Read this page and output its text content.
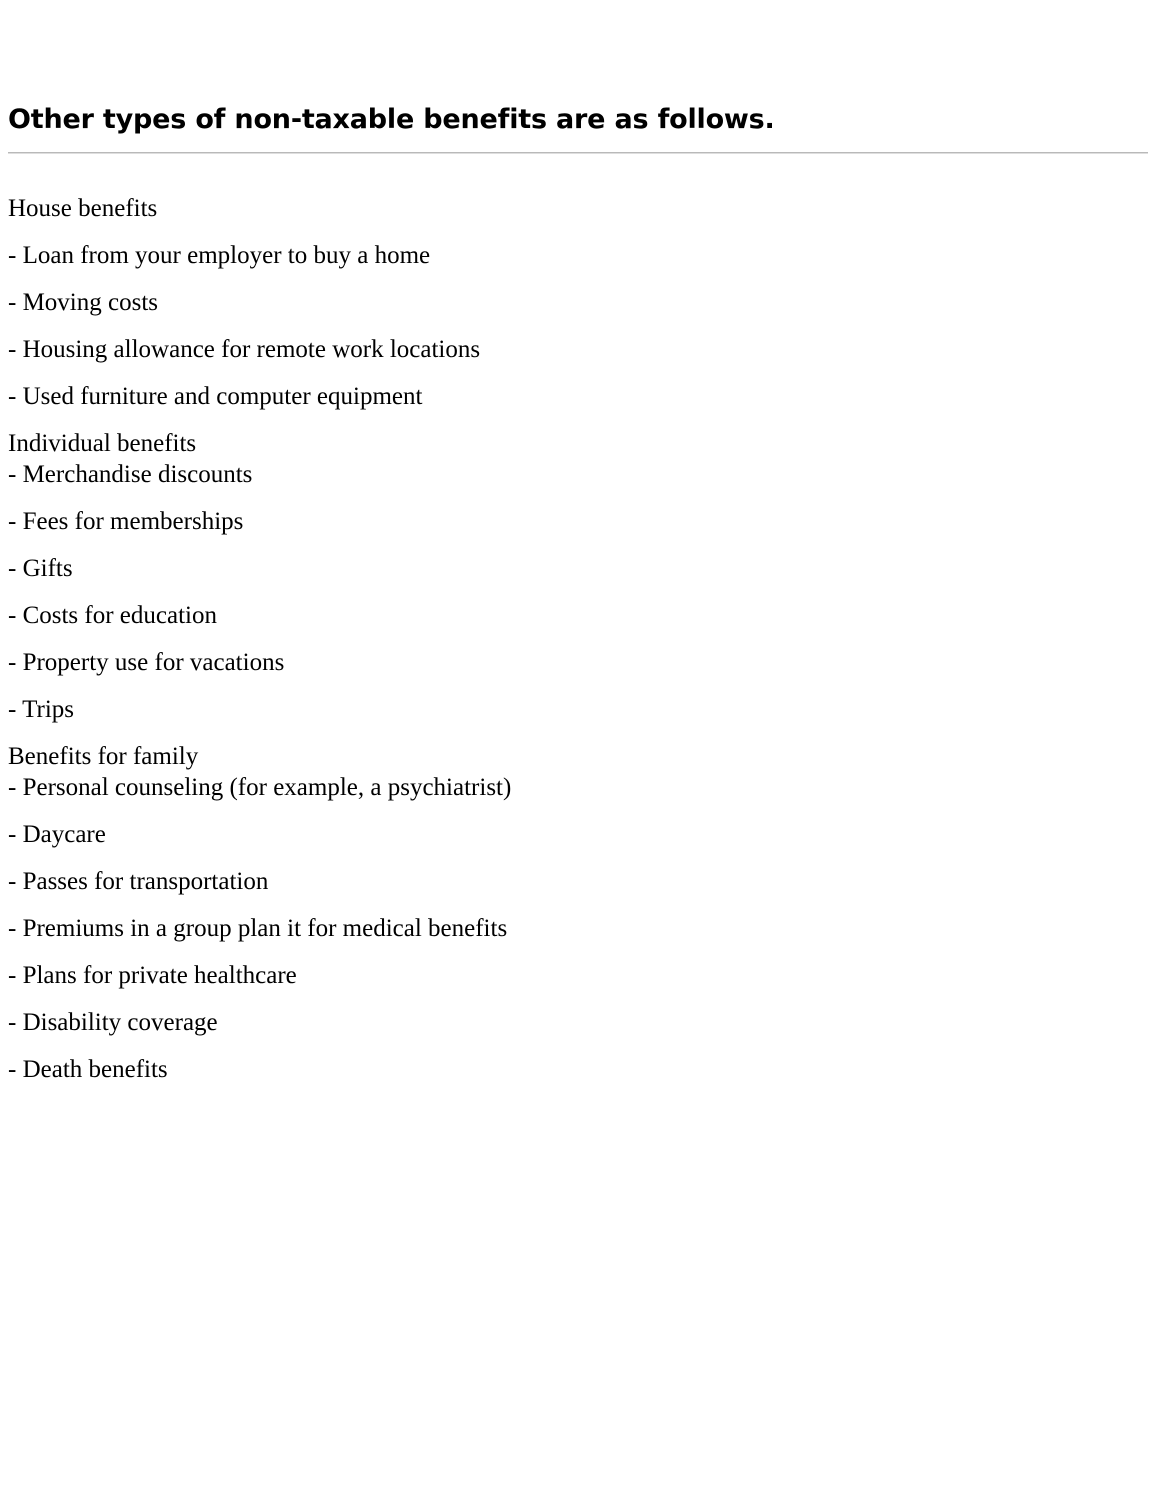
Other types of non-taxable benefits are as follows.
House benefits
- Loan from your employer to buy a home
- Moving costs
- Housing allowance for remote work locations
- Used furniture and computer equipment
Individual benefits
- Merchandise discounts
- Fees for memberships
- Gifts
- Costs for education
- Property use for vacations
- Trips
Benefits for family
- Personal counseling (for example, a psychiatrist)
- Daycare
- Passes for transportation
- Premiums in a group plan it for medical benefits
- Plans for private healthcare
- Disability coverage
- Death benefits
